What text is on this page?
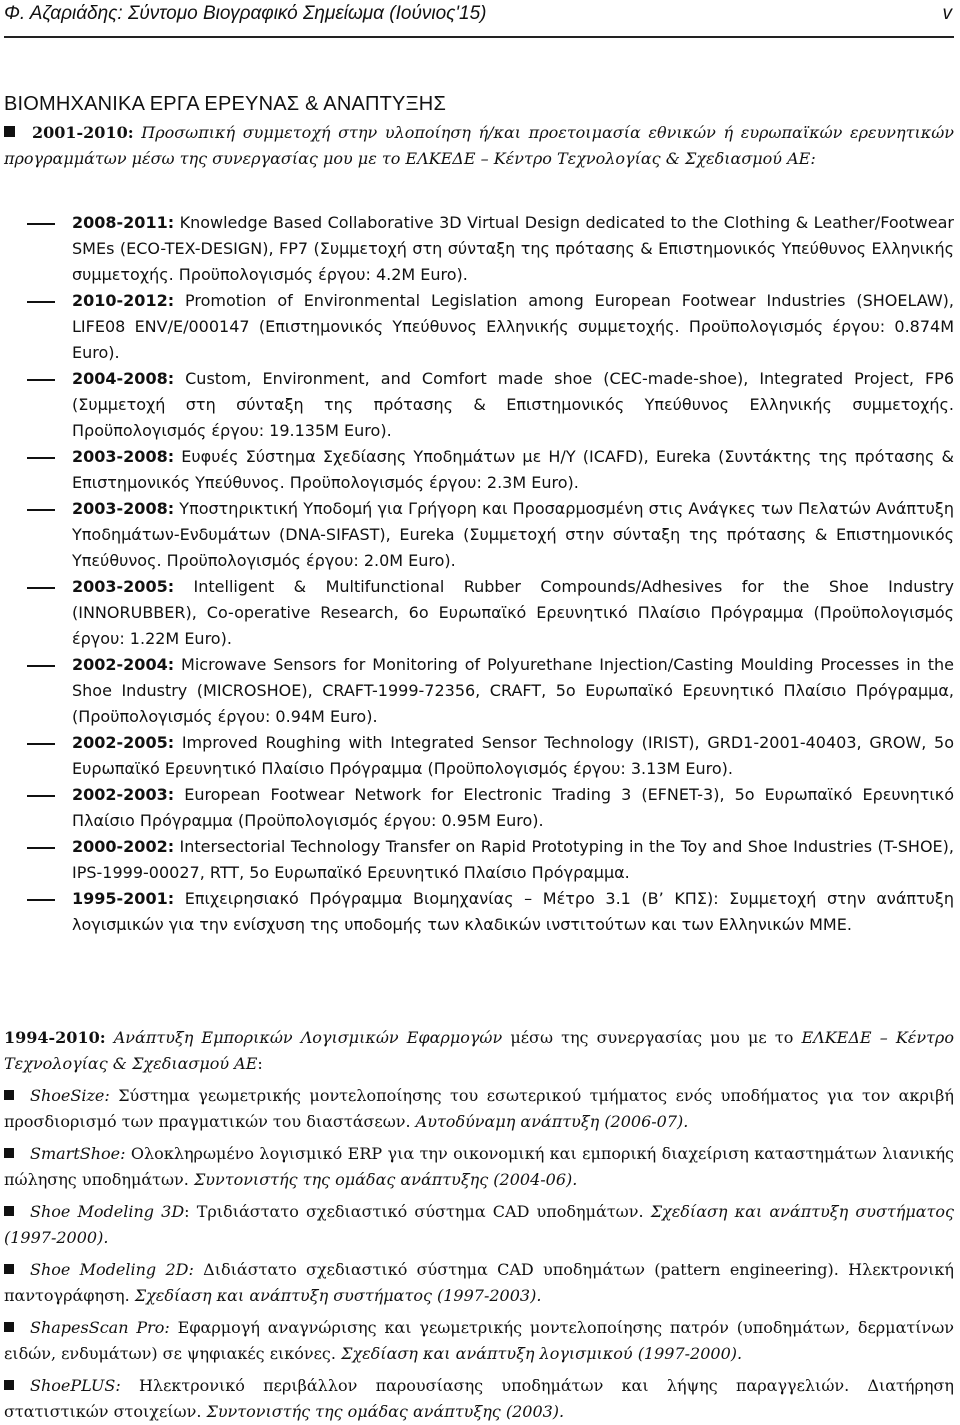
Φ. Αζαριάδης: Σύντομο Βιογραφικό Σημείωμα (Ιούνιος'15)	v
ΒΙΟΜΗΧΑΝΙΚΑ ΕΡΓΑ ΕΡΕΥΝΑΣ & ΑΝΑΠΤΥΞΗΣ
2001-2010: Προσωπική συμμετοχή στην υλοποίηση ή/και προετοιμασία εθνικών ή ευρωπαϊκών ερευνητικών προγραμμάτων μέσω της συνεργασίας μου με το ΕΛΚΕΔΕ – Κέντρο Τεχνολογίας & Σχεδιασμού ΑΕ:
2008-2011: Knowledge Based Collaborative 3D Virtual Design dedicated to the Clothing & Leather/Footwear SMEs (ECO-TEX-DESIGN), FP7 (Συμμετοχή στη σύνταξη της πρότασης & Επιστημονικός Υπεύθυνος Ελληνικής συμμετοχής. Προϋπολογισμός έργου: 4.2M Euro).
2010-2012: Promotion of Environmental Legislation among European Footwear Industries (SHOELAW), LIFE08 ENV/E/000147 (Επιστημονικός Υπεύθυνος Ελληνικής συμμετοχής. Προϋπολογισμός έργου: 0.874M Euro).
2004-2008: Custom, Environment, and Comfort made shoe (CEC-made-shoe), Integrated Project, FP6 (Συμμετοχή στη σύνταξη της πρότασης & Επιστημονικός Υπεύθυνος Ελληνικής συμμετοχής. Προϋπολογισμός έργου: 19.135M Euro).
2003-2008: Ευφυές Σύστημα Σχεδίασης Υποδημάτων με Η/Υ (ICAFD), Eureka (Συντάκτης της πρότασης & Επιστημονικός Υπεύθυνος. Προϋπολογισμός έργου: 2.3M Euro).
2003-2008: Υποστηρικτική Υποδομή για Γρήγορη και Προσαρμοσμένη στις Ανάγκες των Πελατών Ανάπτυξη Υποδημάτων-Ενδυμάτων (DNA-SIFAST), Eureka (Συμμετοχή στην σύνταξη της πρότασης & Επιστημονικός Υπεύθυνος. Προϋπολογισμός έργου: 2.0M Euro).
2003-2005: Intelligent & Multifunctional Rubber Compounds/Adhesives for the Shoe Industry (INNORUBBER), Co-operative Research, 6ο Ευρωπαϊκό Ερευνητικό Πλαίσιο Πρόγραμμα (Προϋπολογισμός έργου: 1.22M Euro).
2002-2004: Microwave Sensors for Monitoring of Polyurethane Injection/Casting Moulding Processes in the Shoe Industry (MICROSHOE), CRAFT-1999-72356, CRAFT, 5ο Ευρωπαϊκό Ερευνητικό Πλαίσιο Πρόγραμμα, (Προϋπολογισμός έργου: 0.94M Euro).
2002-2005: Improved Roughing with Integrated Sensor Technology (IRIST), GRD1-2001-40403, GROW, 5ο Ευρωπαϊκό Ερευνητικό Πλαίσιο Πρόγραμμα (Προϋπολογισμός έργου: 3.13M Euro).
2002-2003: European Footwear Network for Electronic Trading 3 (EFNET-3), 5ο Ευρωπαϊκό Ερευνητικό Πλαίσιο Πρόγραμμα (Προϋπολογισμός έργου: 0.95M Euro).
2000-2002: Intersectorial Technology Transfer on Rapid Prototyping in the Toy and Shoe Industries (T-SHOE), IPS-1999-00027, RTT, 5ο Ευρωπαϊκό Ερευνητικό Πλαίσιο Πρόγραμμα.
1995-2001: Επιχειρησιακό Πρόγραμμα Βιομηχανίας – Μέτρο 3.1 (Β’ ΚΠΣ): Συμμετοχή στην ανάπτυξη λογισμικών για την ενίσχυση της υποδομής των κλαδικών ινστιτούτων και των Ελληνικών ΜΜΕ.

1994-2010: Ανάπτυξη Εμπορικών Λογισμικών Εφαρμογών μέσω της συνεργασίας μου με το ΕΛΚΕΔΕ – Κέντρο Τεχνολογίας & Σχεδιασμού ΑΕ:

ShoeSize: Σύστημα γεωμετρικής μοντελοποίησης του εσωτερικού τμήματος ενός υποδήματος για τον ακριβή προσδιορισμό των πραγματικών του διαστάσεων. Αυτοδύναμη ανάπτυξη (2006-07).

SmartShoe: Ολοκληρωμένο λογισμικό ERP για την οικονομική και εμπορική διαχείριση καταστημάτων λιανικής πώλησης υποδημάτων. Συντονιστής της ομάδας ανάπτυξης (2004-06).

Shoe Modeling 3D: Τριδιάστατο σχεδιαστικό σύστημα CAD υποδημάτων. Σχεδίαση και ανάπτυξη συστήματος (1997-2000).

Shoe Modeling 2D: Διδιάστατο σχεδιαστικό σύστημα CAD υποδημάτων (pattern engineering). Ηλεκτρονική παντογράφηση. Σχεδίαση και ανάπτυξη συστήματος (1997-2003).

ShapesScan Pro: Εφαρμογή αναγνώρισης και γεωμετρικής μοντελοποίησης πατρόν (υποδημάτων, δερματίνων ειδών, ενδυμάτων) σε ψηφιακές εικόνες. Σχεδίαση και ανάπτυξη λογισμικού (1997-2000).

ShoePLUS: Ηλεκτρονικό περιβάλλον παρουσίασης υποδημάτων και λήψης παραγγελιών. Διατήρηση στατιστικών στοιχείων. Συντονιστής της ομάδας ανάπτυξης (2003).
